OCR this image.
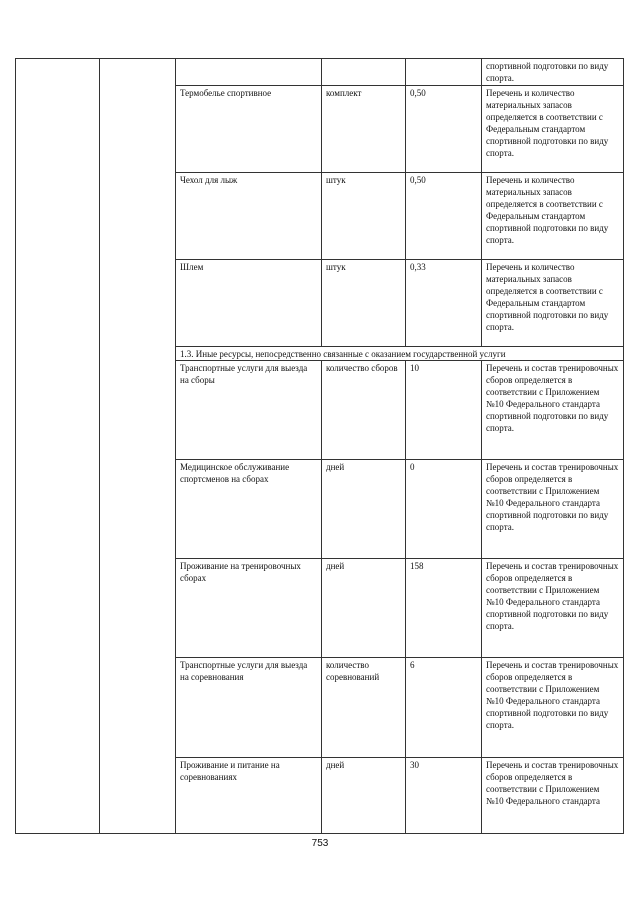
					спортивной подготовки по виду спорта.
		Термобелье спортивное	комплект	0,50	Перечень и количество материальных запасов определяется в соответствии с Федеральным стандартом спортивной подготовки по виду спорта.
		Чехол для лыж	штук	0,50	Перечень и количество материальных запасов определяется в соответствии с Федеральным стандартом спортивной подготовки по виду спорта.
		Шлем	штук	0,33	Перечень и количество материальных запасов определяется в соответствии с Федеральным стандартом спортивной подготовки по виду спорта.
		1.3. Иные ресурсы, непосредственно связанные с оказанием государственной услуги			
		Транспортные услуги для выезда на сборы	количество сборов	10	Перечень и состав тренировочных сборов определяется в соответствии с Приложением №10 Федерального стандарта спортивной подготовки по виду спорта.
		Медицинское обслуживание спортсменов на сборах	дней	0	Перечень и состав тренировочных сборов определяется в соответствии с Приложением №10 Федерального стандарта спортивной подготовки по виду спорта.
		Проживание на тренировочных сборах	дней	158	Перечень и состав тренировочных сборов определяется в соответствии с Приложением №10 Федерального стандарта спортивной подготовки по виду спорта.
		Транспортные услуги для выезда на соревнования	количество соревнований	6	Перечень и состав тренировочных сборов определяется в соответствии с Приложением №10 Федерального стандарта спортивной подготовки по виду спорта.
		Проживание и питание на соревнованиях	дней	30	Перечень и состав тренировочных сборов определяется в соответствии с Приложением №10 Федерального стандарта
753
